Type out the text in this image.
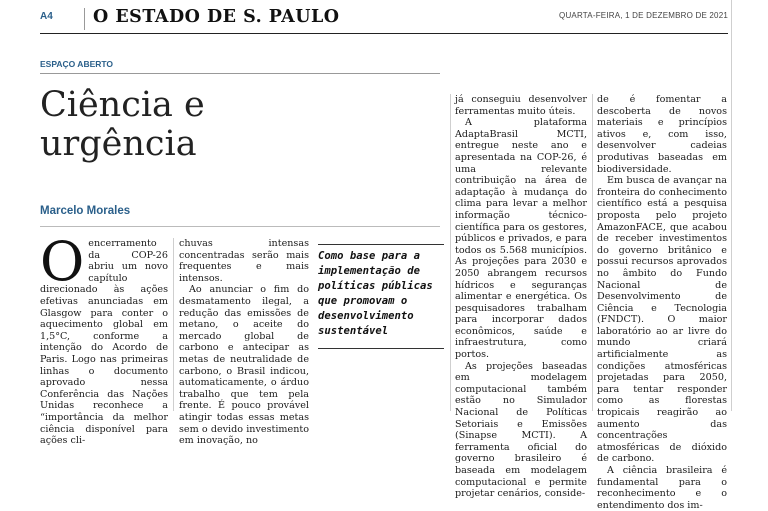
A4 O ESTADO DE S. PAULO	QUARTA-FEIRA, 1 DE DEZEMBRO DE 2021
ESPAÇO ABERTO
Ciência e
urgência
Marcelo Morales
O encerramento da COP-26 abriu um novo capítulo direcionado às ações efetivas anunciadas em Glasgow para conter o aquecimento global em 1,5°C, conforme a intenção do Acordo de Paris. Logo nas primeiras linhas o documento aprovado nessa Conferência das Nações Unidas reconhece a “importância da melhor ciência disponível para ações cli-

chuvas intensas concentradas serão mais frequentes e mais intensos.

Ao anunciar o fim do desmatamento ilegal, a redução das emissões de metano, o aceite do mercado global de carbono e antecipar as metas de neutralidade de carbono, o Brasil indicou, automaticamente, o árduo trabalho que tem pela frente. É pouco provável atingir todas essas metas sem o devido investimento em inovação, no

Como base para a implementação de políticas públicas que promovam o desenvolvimento sustentável

já conseguiu desenvolver ferramentas muito úteis.

A plataforma AdaptaBrasil MCTI, entregue neste ano e apresentada na COP-26, é uma relevante contribuição na área de adaptação à mudança do clima para levar a melhor informação técnico-científica para os gestores, públicos e privados, e para todos os 5.568 municípios. As projeções para 2030 e 2050 abrangem recursos hídricos e seguranças alimentar e energética. Os pesquisadores trabalham para incorporar dados econômicos, saúde e infraestrutura, como portos.

As projeções baseadas em modelagem computacional também estão no Simulador Nacional de Políticas Setoriais e Emissões (Sinapse MCTI). A ferramenta oficial do governo brasileiro é baseada em modelagem computacional e permite projetar cenários, conside-

de é fomentar a descoberta de novos materiais e princípios ativos e, com isso, desenvolver cadeias produtivas baseadas em biodiversidade.

Em busca de avançar na fronteira do conhecimento científico está a pesquisa proposta pelo projeto AmazonFACE, que acabou de receber investimentos do governo britânico e possui recursos aprovados no âmbito do Fundo Nacional de Desenvolvimento de Ciência e Tecnologia (FNDCT). O maior laboratório ao ar livre do mundo criará artificialmente as condições atmosféricas projetadas para 2050, para tentar responder como as florestas tropicais reagirão ao aumento das concentrações atmosféricas de dióxido de carbono.

A ciência brasileira é fundamental para o reconhecimento e o entendimento dos im-
